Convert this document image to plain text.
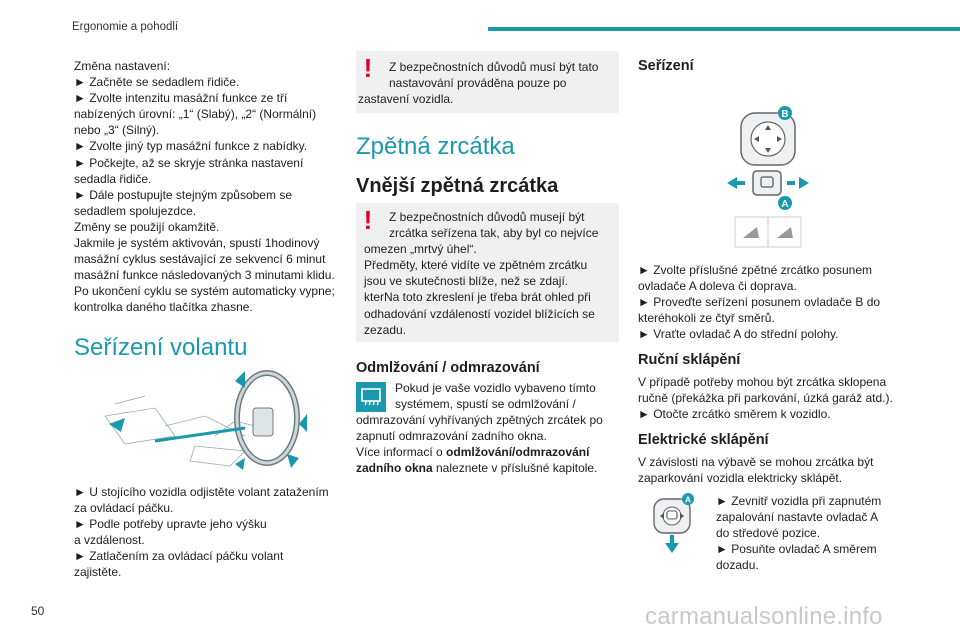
Ergonomie a pohodlí

Změna nastavení:

► Začněte se sedadlem řidiče.

► Zvolte intenzitu masážní funkce ze tří

nabízených úrovní: „1“ (Slabý), „2“ (Normální)

nebo „3“ (Silný).

► Zvolte jiný typ masážní funkce z nabídky.

► Počkejte, až se skryje stránka nastavení

sedadla řidiče.

► Dále postupujte stejným způsobem se

sedadlem spolujezdce.

Změny se použijí okamžitě.

Jakmile je systém aktivován, spustí 1hodinový

masážní cyklus sestávající ze sekvencí 6 minut

masážní funkce následovaných 3 minutami klidu.

Po ukončení cyklu se systém automaticky vypne;

kontrolka daného tlačítka zhasne.

Seřízení volantu

► U stojícího vozidla odjistěte volant zatažením

za ovládací páčku.

► Podle potřeby upravte jeho výšku

a vzdálenost.

► Zatlačením za ovládací páčku volant

zajistěte.

!	Z bezpečnostních důvodů musí být tato

nastavování prováděna pouze po

zastavení vozidla.

Zpětná zrcátka
Vnější zpětná zrcátka
!	Z bezpečnostních důvodů musejí být

zrcátka seřízena tak, aby byl co nejvíce

omezen „mrtvý úhel“.

Předměty, které vidíte ve zpětném zrcátku

jsou ve skutečnosti blíže, než se zdají.

kterNa toto zkreslení je třeba brát ohled při

odhadování vzdáleností vozidel blížících se

zezadu.

Odmlžování / odmrazování

Pokud je vaše vozidlo vybaveno tímto

systémem, spustí se odmlžování /

odmrazování vyhřívaných zpětných zrcátek po

zapnutí odmrazování zadního okna.

Více informací o odmlžování/odmrazování

zadního okna naleznete v příslušné kapitole.

Seřízení
B
A

► Zvolte příslušné zpětné zrcátko posunem

ovladače A doleva či doprava.

► Proveďte seřízení posunem ovladače B do

kteréhokoli ze čtyř směrů.

► Vraťte ovladač A do střední polohy.

Ruční sklápění

V případě potřeby mohou být zrcátka sklopena

ručně (překážka při parkování, úzká garáž atd.).

► Otočte zrcátko směrem k vozidlo.

Elektrické sklápění

V závislosti na výbavě se mohou zrcátka být

zaparkování vozidla elektricky sklápět.

A ► Zevnitř vozidla při zapnutém

zapalování nastavte ovladač A

do středové pozice.

► Posuňte ovladač A směrem

dozadu.

50	carmanualsonline.info
